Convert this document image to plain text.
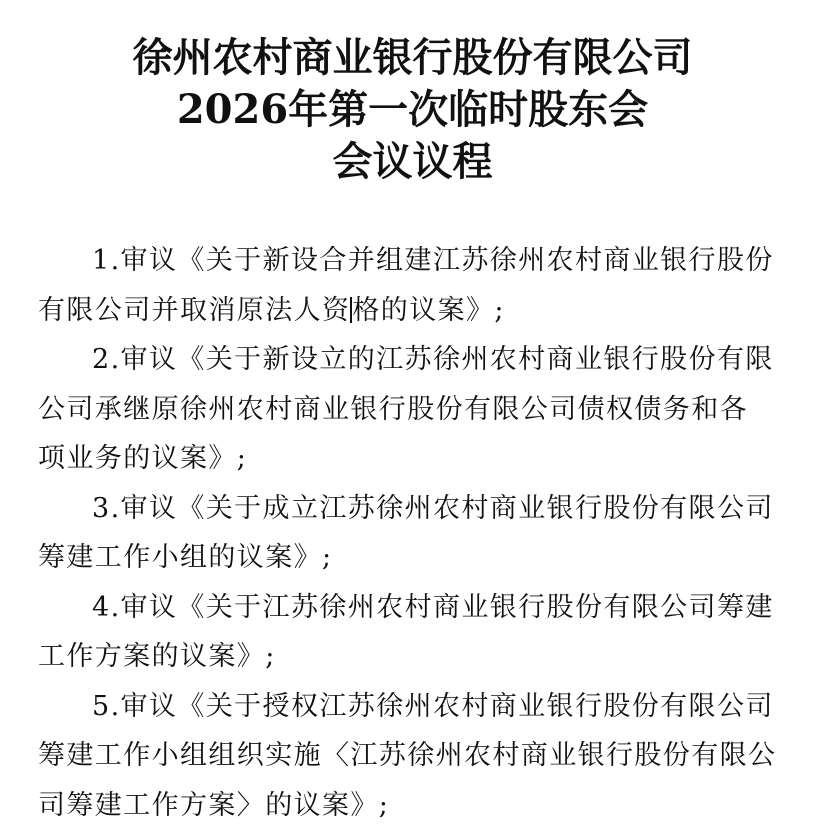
徐州农村商业银行股份有限公司
2026年第一次临时股东会
会议议程
1.审议《关于新设合并组建江苏徐州农村商业银行股份
有限公司并取消原法人资格的议案》;
2.审议《关于新设立的江苏徐州农村商业银行股份有限
公司承继原徐州农村商业银行股份有限公司债权债务和各
项业务的议案》;
3.审议《关于成立江苏徐州农村商业银行股份有限公司
筹建工作小组的议案》;
4.审议《关于江苏徐州农村商业银行股份有限公司筹建
工作方案的议案》;
5.审议《关于授权江苏徐州农村商业银行股份有限公司
筹建工作小组组织实施〈江苏徐州农村商业银行股份有限公
司筹建工作方案〉的议案》;
